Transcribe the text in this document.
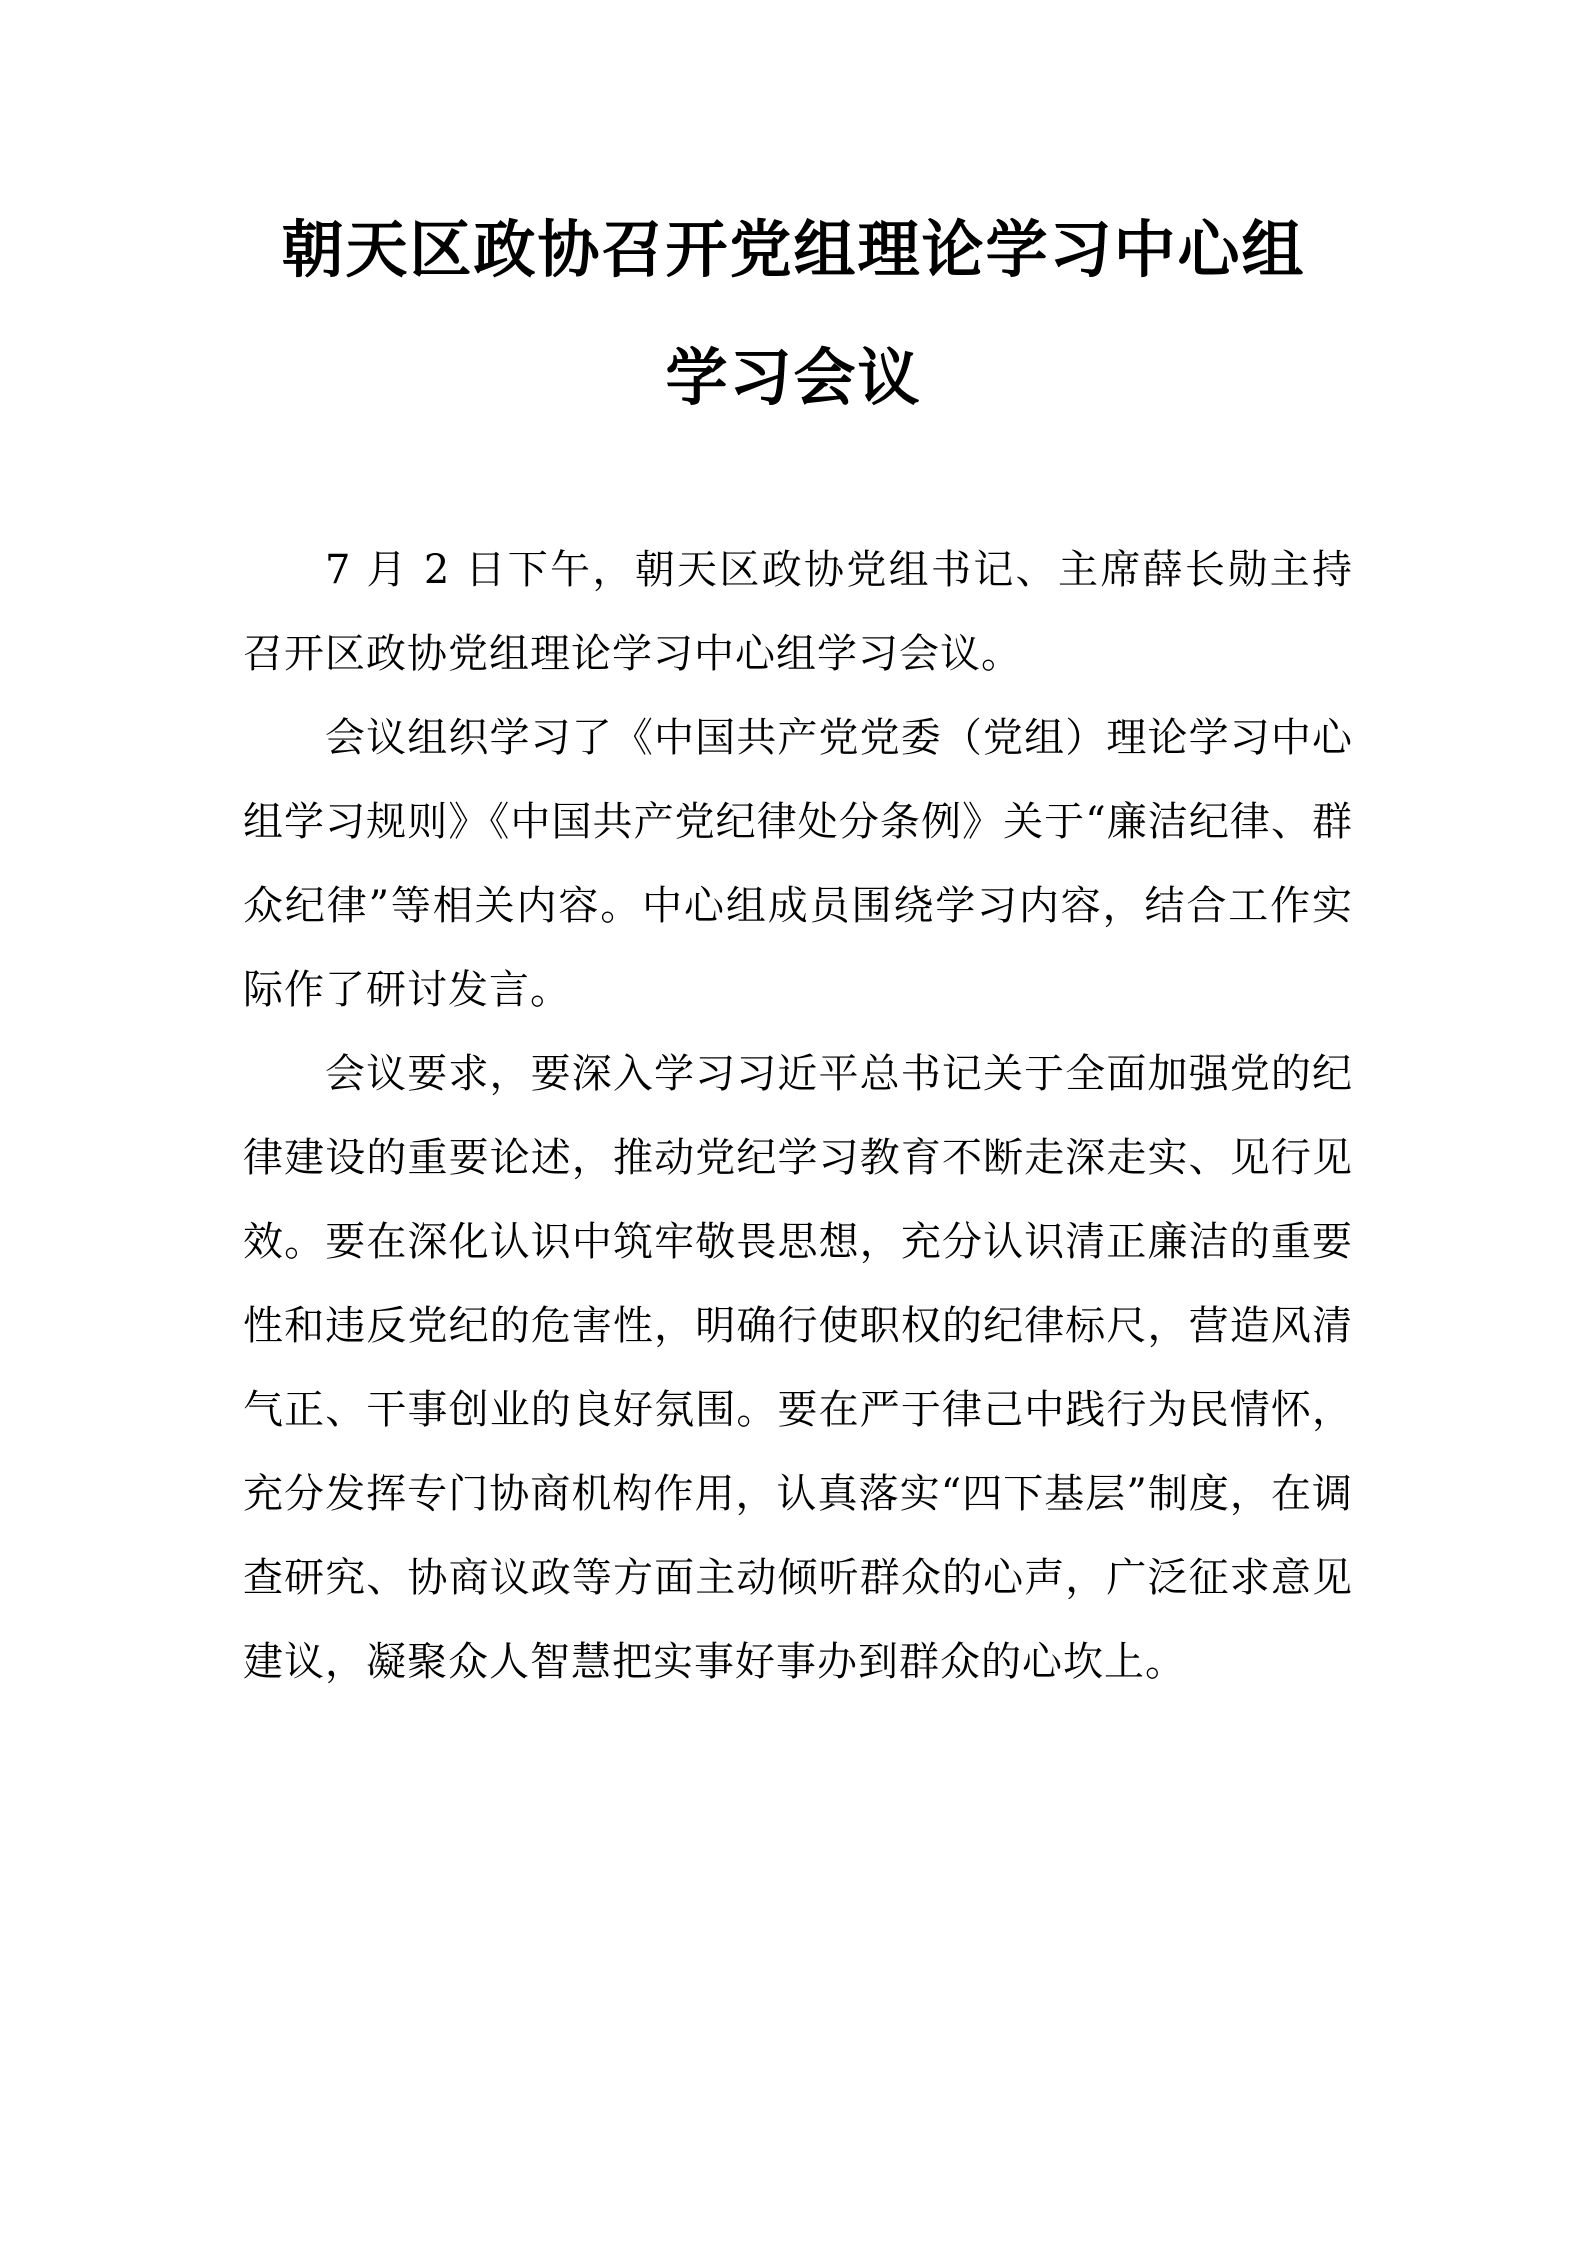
朝天区政协召开党组理论学习中心组
学习会议

7 月 2 日下午，朝天区政协党组书记、主席薛长勋主持召开区政协党组理论学习中心组学习会议。

会议组织学习了《中国共产党党委（党组）理论学习中心组学习规则》《中国共产党纪律处分条例》关于“廉洁纪律、群众纪律”等相关内容。中心组成员围绕学习内容，结合工作实际作了研讨发言。

会议要求，要深入学习习近平总书记关于全面加强党的纪律建设的重要论述，推动党纪学习教育不断走深走实、见行见效。要在深化认识中筑牢敬畏思想，充分认识清正廉洁的重要性和违反党纪的危害性，明确行使职权的纪律标尺，营造风清气正、干事创业的良好氛围。要在严于律己中践行为民情怀，充分发挥专门协商机构作用，认真落实“四下基层”制度，在调查研究、协商议政等方面主动倾听群众的心声，广泛征求意见建议，凝聚众人智慧把实事好事办到群众的心坎上。
